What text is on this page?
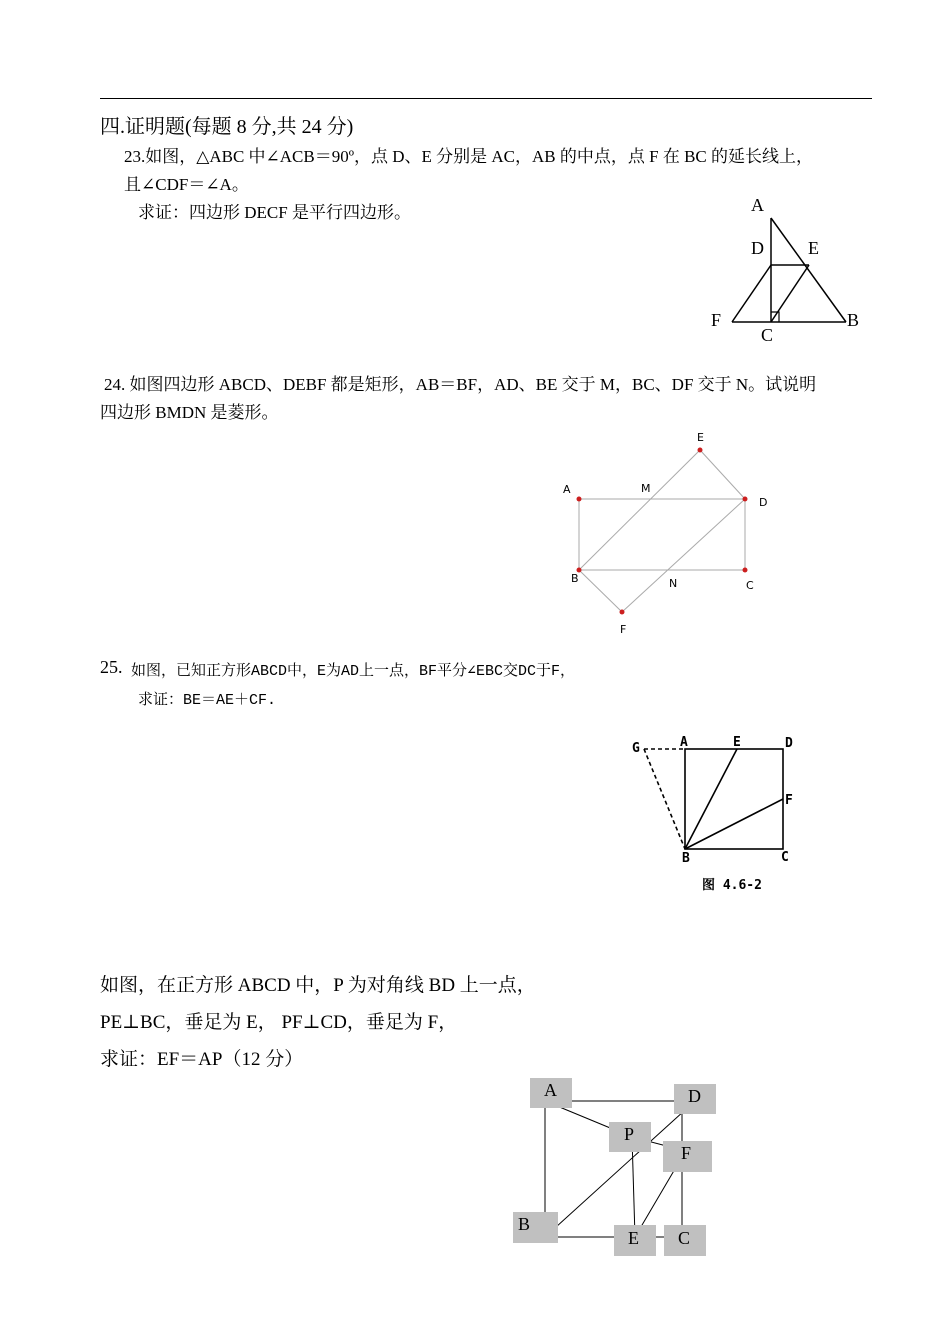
四.证明题(每题 8 分,共 24 分)
23.如图，△ABC 中∠ACB＝90º，点 D、E 分别是 AC，AB 的中点，点 F 在 BC 的延长线上，
且∠CDF＝∠A。
求证：四边形 DECF 是平行四边形。	A
D E
F
C
B
24. 如图四边形 ABCD、DEBF 都是矩形，AB＝BF，AD、BE 交于 M，BC、DF 交于 N。试说明
四边形 BMDN 是菱形。
E
A	M
D
B	N	C
F
25. 如图，已知正方形ABCD中，E为AD上一点，BF平分∠EBC交DC于F，
求证：BE＝AE＋CF.
G	A	E	D
F
B	C
图 4.6-2
如图，在正方形 ABCD 中，P 为对角线 BD 上一点，
PE⊥BC，垂足为 E， PF⊥CD，垂足为 F，
求证：EF＝AP（12 分）
A	D
P
F
B
E C
